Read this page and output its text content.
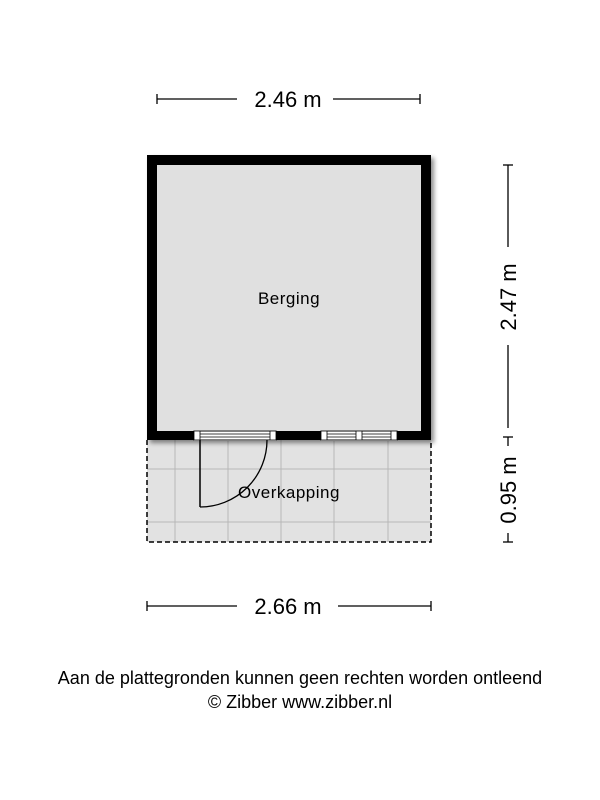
2.46 m
Berging
Overkapping
2.66 m
2.47 m
0.95 m
Aan de plattegronden kunnen geen rechten worden ontleend
© Zibber www.zibber.nl
